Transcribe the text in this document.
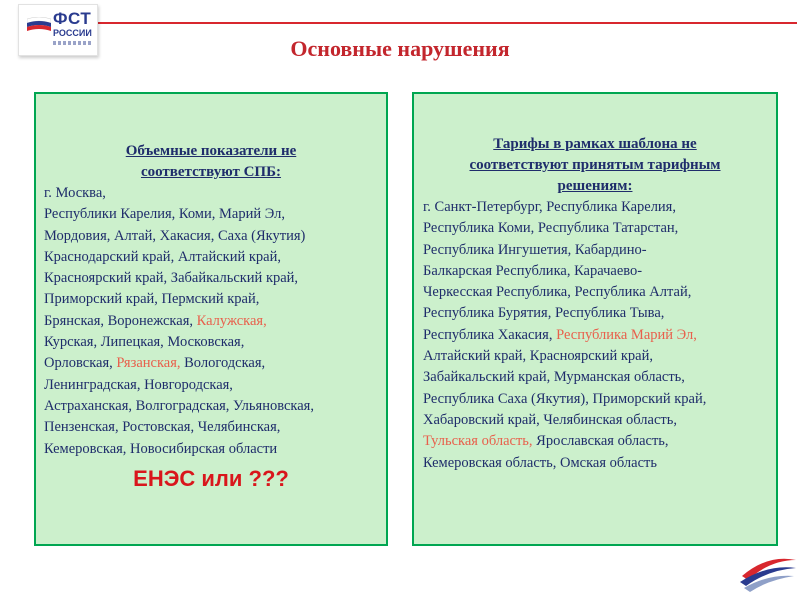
ФСТ
РОССИИ
Основные нарушения
Объемные показатели не
соответствуют СПБ:
г. Москва,
Республики Карелия, Коми, Марий Эл,
Мордовия, Алтай, Хакасия, Саха (Якутия)
Краснодарский край, Алтайский край,
Красноярский край, Забайкальский край,
Приморский край, Пермский край,
Брянская, Воронежская, Калужская,
Курская, Липецкая, Московская,
Орловская, Рязанская, Вологодская,
Ленинградская, Новгородская,
Астраханская, Волгоградская, Ульяновская,
Пензенская, Ростовская, Челябинская,
Кемеровская, Новосибирская области
ЕНЭС или ???
Тарифы в рамках шаблона не
соответствуют принятым тарифным
решениям:
г. Санкт-Петербург, Республика Карелия,
Республика Коми, Республика Татарстан,
Республика Ингушетия, Кабардино-
Балкарская Республика, Карачаево-
Черкесская Республика, Республика Алтай,
Республика Бурятия, Республика Тыва,
Республика Хакасия, Республика Марий Эл,
Алтайский край, Красноярский край,
Забайкальский край, Мурманская область,
Республика Саха (Якутия), Приморский край,
Хабаровский край, Челябинская область,
Тульская область, Ярославская область,
Кемеровская область, Омская область
